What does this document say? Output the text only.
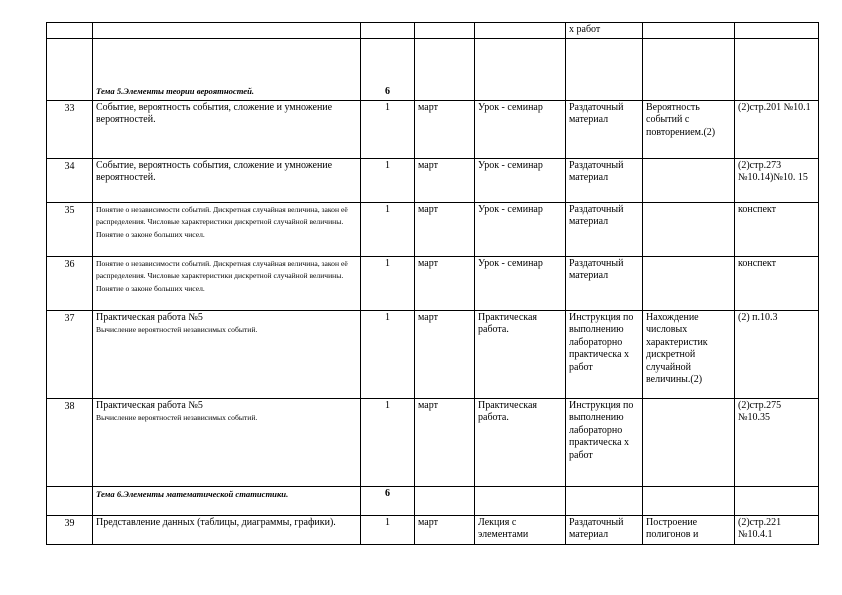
					х работ		
	Тема 5.Элементы теории вероятностей.	6					
33	Событие, вероятность события, сложение и умножение вероятностей.	1	март	Урок - семинар	Раздаточный материал	Вероятность событий с повторением.(2)	(2)стр.201 №10.1
34	Событие, вероятность события, сложение и умножение вероятностей.	1	март	Урок - семинар	Раздаточный материал		(2)стр.273 №10.14)№10. 15
35	Понятие о независимости событий. Дискретная случайная величина, закон её распределения. Числовые характеристики дискретной случайной величины. Понятие о законе больших чисел.	1	март	Урок - семинар	Раздаточный материал		конспект
36	Понятие о независимости событий. Дискретная случайная величина, закон её распределения. Числовые характеристики дискретной случайной величины. Понятие о законе больших чисел.	1	март	Урок - семинар	Раздаточный материал		конспект
37	Практическая работа №5
Вычисление вероятностей независимых событий.	1	март	Практическая работа.	Инструкция по выполнению лабораторно практическа х работ	Нахождение числовых характеристик дискретной случайной величины.(2)	(2) п.10.3
38	Практическая работа №5
Вычисление вероятностей независимых событий.	1	март	Практическая работа.	Инструкция по выполнению лабораторно практическа х работ		(2)стр.275 №10.35
	Тема 6.Элементы математической статистики.	6					
39	Представление данных (таблицы, диаграммы, графики).	1	март	Лекция с элементами	Раздаточный материал	Построение полигонов и	(2)стр.221 №10.4.1
